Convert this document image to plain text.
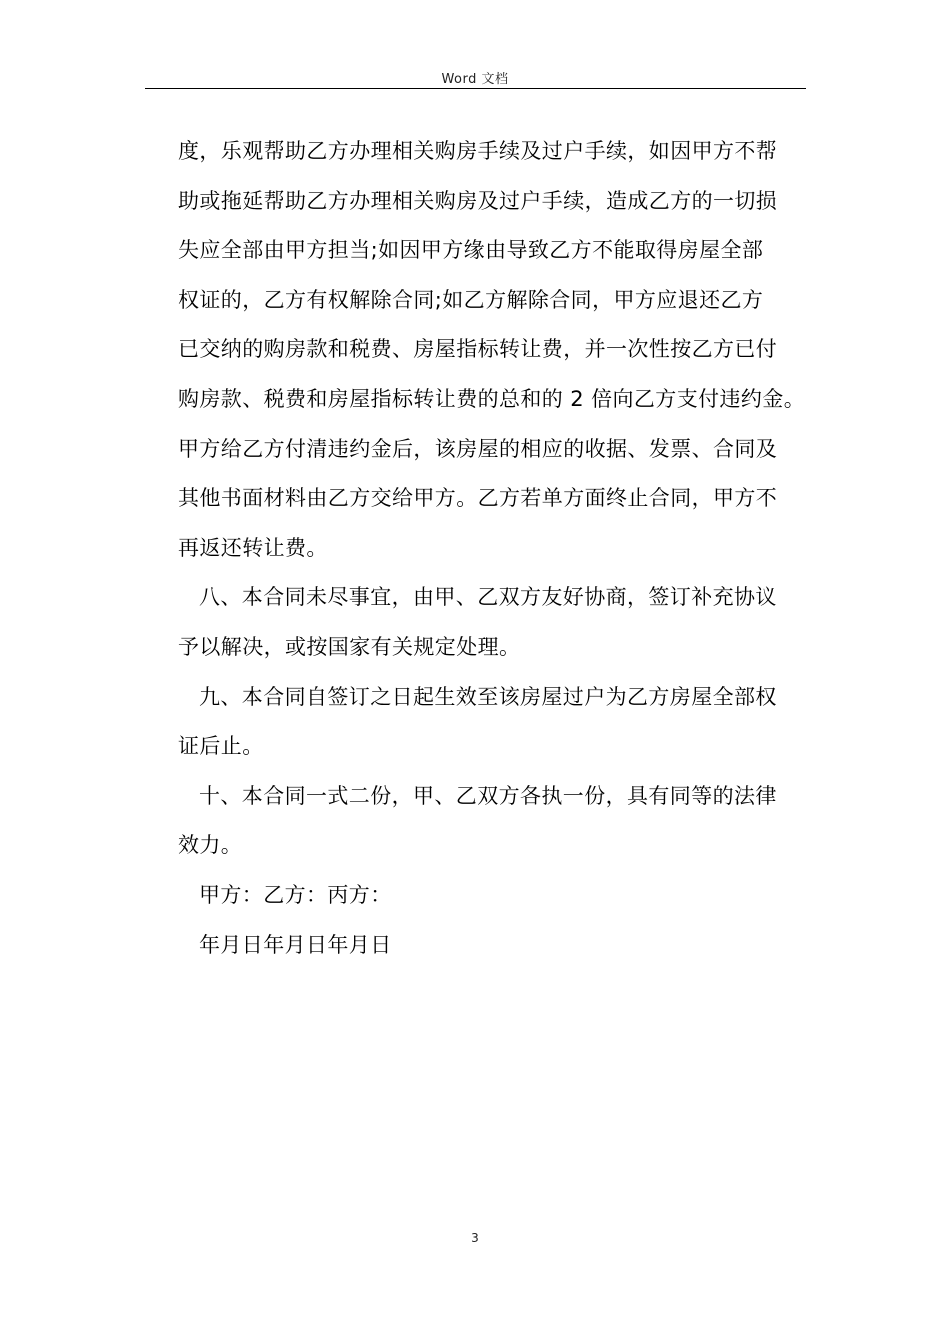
Word 文档
度，乐观帮助乙方办理相关购房手续及过户手续，如因甲方不帮
助或拖延帮助乙方办理相关购房及过户手续，造成乙方的一切损
失应全部由甲方担当;如因甲方缘由导致乙方不能取得房屋全部
权证的，乙方有权解除合同;如乙方解除合同，甲方应退还乙方
已交纳的购房款和税费、房屋指标转让费，并一次性按乙方已付
购房款、税费和房屋指标转让费的总和的 2 倍向乙方支付违约金。
甲方给乙方付清违约金后，该房屋的相应的收据、发票、合同及
其他书面材料由乙方交给甲方。乙方若单方面终止合同，甲方不
再返还转让费。
八、本合同未尽事宜，由甲、乙双方友好协商，签订补充协议
予以解决，或按国家有关规定处理。
九、本合同自签订之日起生效至该房屋过户为乙方房屋全部权
证后止。
十、本合同一式二份，甲、乙双方各执一份，具有同等的法律
效力。
甲方：乙方：丙方：
年月日年月日年月日
3
